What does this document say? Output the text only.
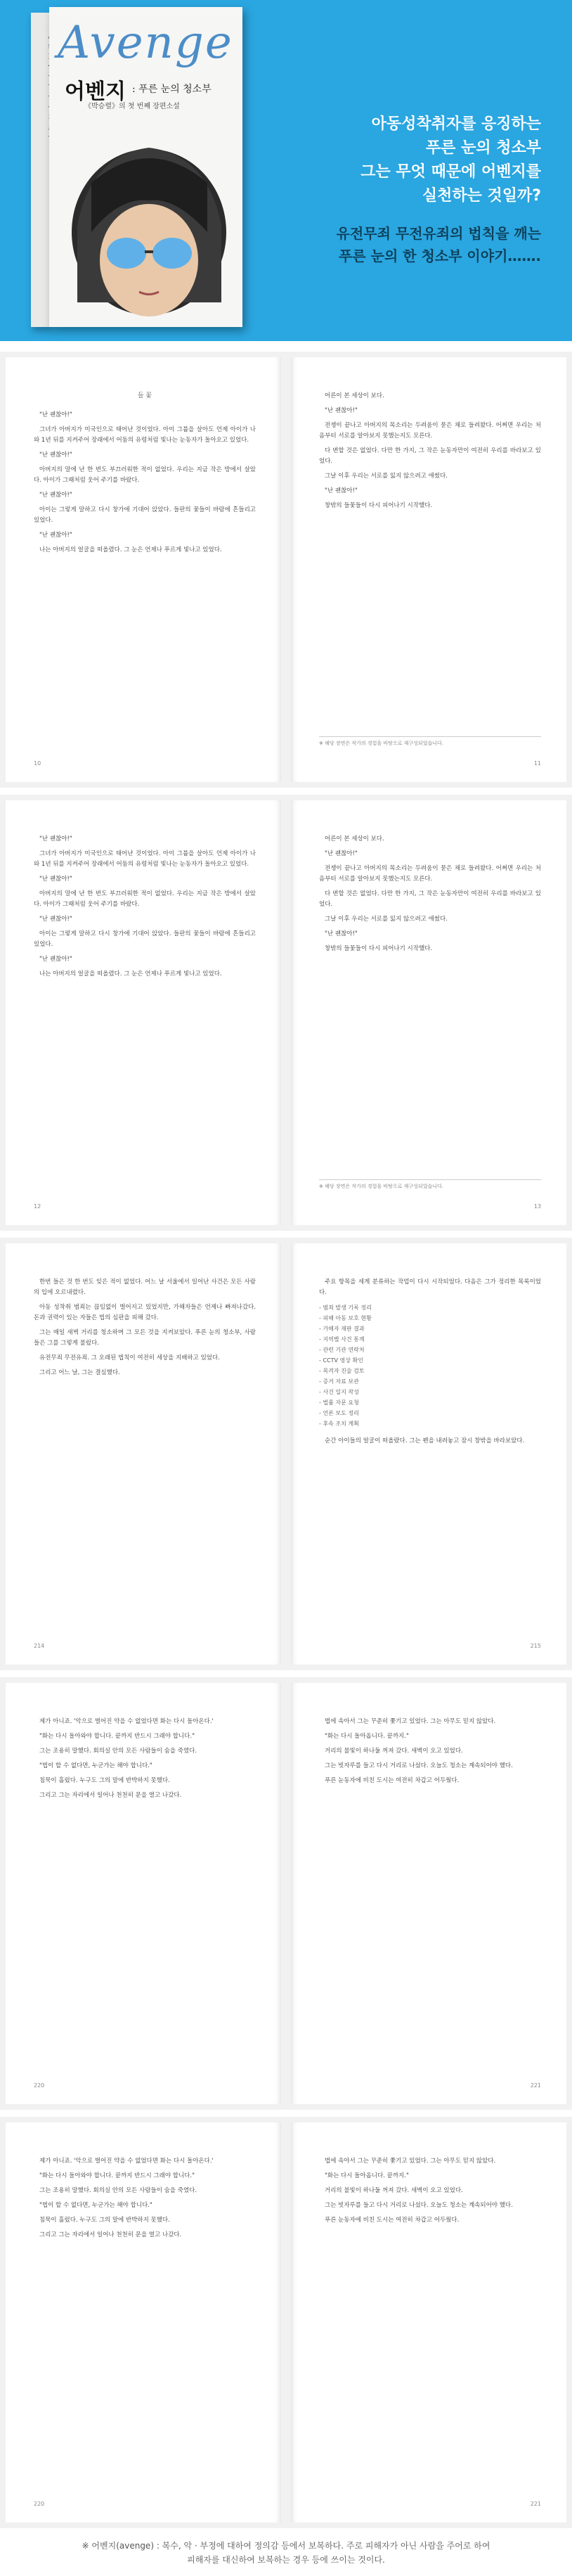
Avenge
어벤지 : 푸른 눈의 청소부
《박승렬》의 첫 번째 장편소설
아동성착취자를 응징하는
푸른 눈의 청소부
그는 무엇 때문에 어벤지를
실천하는 것일까?
유전무죄 무전유죄의 법칙을 깨는
푸른 눈의 한 청소부 이야기…….
들 꽃

"난 괜찮아!"

그녀가 아버지가 미국인으로 태어난 것이었다. 아이 그룹을 살아도 언제 아이가 나와 1년 뒤를 지켜주어 장래에서 어둠의 유령처럼 빛나는 눈동자가 돌아오고 있었다.

"난 괜찮아!"

아버지의 말에 난 한 번도 부끄러워한 적이 없었다. 우리는 지금 작은 방에서 살았다. 아이가 그때처럼 웃어 주기를 바랐다.

"난 괜찮아!"

아이는 그렇게 말하고 다시 창가에 기대어 앉았다. 들판의 꽃들이 바람에 흔들리고 있었다.

"난 괜찮아!"

나는 아버지의 얼굴을 떠올렸다. 그 눈은 언제나 푸르게 빛나고 있었다.

10

어른이 본 세상이 보다.

"난 괜찮아!"

전쟁이 끝나고 아버지의 목소리는 두려움이 묻은 채로 들려왔다. 어쩌면 우리는 처음부터 서로를 알아보지 못했는지도 모른다.

다 변할 것은 없었다. 다만 한 가지, 그 작은 눈동자만이 여전히 우리를 바라보고 있었다.

그날 이후 우리는 서로를 잃지 않으려고 애썼다.

"난 괜찮아!"

창밖의 들꽃들이 다시 피어나기 시작했다.

※ 해당 장면은 작가의 경험을 바탕으로 재구성되었습니다.
11

"난 괜찮아!"

그녀가 아버지가 미국인으로 태어난 것이었다. 아이 그룹을 살아도 언제 아이가 나와 1년 뒤를 지켜주어 장래에서 어둠의 유령처럼 빛나는 눈동자가 돌아오고 있었다.

"난 괜찮아!"

아버지의 말에 난 한 번도 부끄러워한 적이 없었다. 우리는 지금 작은 방에서 살았다. 아이가 그때처럼 웃어 주기를 바랐다.

"난 괜찮아!"

아이는 그렇게 말하고 다시 창가에 기대어 앉았다. 들판의 꽃들이 바람에 흔들리고 있었다.

"난 괜찮아!"

나는 아버지의 얼굴을 떠올렸다. 그 눈은 언제나 푸르게 빛나고 있었다.

12

어른이 본 세상이 보다.

"난 괜찮아!"

전쟁이 끝나고 아버지의 목소리는 두려움이 묻은 채로 들려왔다. 어쩌면 우리는 처음부터 서로를 알아보지 못했는지도 모른다.

다 변할 것은 없었다. 다만 한 가지, 그 작은 눈동자만이 여전히 우리를 바라보고 있었다.

그날 이후 우리는 서로를 잃지 않으려고 애썼다.

"난 괜찮아!"

창밖의 들꽃들이 다시 피어나기 시작했다.

※ 해당 장면은 작가의 경험을 바탕으로 재구성되었습니다.
13

한번 들은 것 한 번도 잊은 적이 없었다. 어느 날 서울에서 일어난 사건은 모든 사람의 입에 오르내렸다.

아동 성착취 범죄는 끊임없이 벌어지고 있었지만, 가해자들은 언제나 빠져나갔다. 돈과 권력이 있는 자들은 법의 심판을 피해 갔다.

그는 매일 새벽 거리를 청소하며 그 모든 것을 지켜보았다. 푸른 눈의 청소부, 사람들은 그를 그렇게 불렀다.

유전무죄 무전유죄. 그 오래된 법칙이 여전히 세상을 지배하고 있었다.

그리고 어느 날, 그는 결심했다.

214

주요 항목을 세게 분류하는 작업이 다시 시작되었다. 다음은 그가 정리한 목록이었다.

- 범죄 발생 기록 정리
- 피해 아동 보호 현황
- 가해자 재판 결과
- 지역별 사건 통계
- 관련 기관 연락처
- CCTV 영상 확인
- 목격자 진술 검토
- 증거 자료 보관
- 사건 일지 작성
- 법률 자문 요청
- 언론 보도 정리
- 후속 조치 계획

순간 아이들의 얼굴이 떠올랐다. 그는 펜을 내려놓고 잠시 창밖을 바라보았다.

215

제가 아니죠. '악으로 벌어진 약을 수 없었다면 화는 다시 돌아온다.'

"화는 다시 돌아와야 합니다. 끝까지 반드시 그래야 합니다."

그는 조용히 말했다. 회의실 안의 모든 사람들이 숨을 죽였다.

"법이 할 수 없다면, 누군가는 해야 합니다."

침묵이 흘렀다. 누구도 그의 말에 반박하지 못했다.

그리고 그는 자리에서 일어나 천천히 문을 열고 나갔다.

220

법에 속아서 그는 꾸준히 쫓기고 있었다. 그는 아무도 믿지 않았다.

"화는 다시 돌아옵니다. 끝까지."

거리의 불빛이 하나둘 꺼져 갔다. 새벽이 오고 있었다.

그는 빗자루를 들고 다시 거리로 나섰다. 오늘도 청소는 계속되어야 했다.

푸른 눈동자에 비친 도시는 여전히 차갑고 어두웠다.

221

제가 아니죠. '악으로 벌어진 약을 수 없었다면 화는 다시 돌아온다.'

"화는 다시 돌아와야 합니다. 끝까지 반드시 그래야 합니다."

그는 조용히 말했다. 회의실 안의 모든 사람들이 숨을 죽였다.

"법이 할 수 없다면, 누군가는 해야 합니다."

침묵이 흘렀다. 누구도 그의 말에 반박하지 못했다.

그리고 그는 자리에서 일어나 천천히 문을 열고 나갔다.

220

법에 속아서 그는 꾸준히 쫓기고 있었다. 그는 아무도 믿지 않았다.

"화는 다시 돌아옵니다. 끝까지."

거리의 불빛이 하나둘 꺼져 갔다. 새벽이 오고 있었다.

그는 빗자루를 들고 다시 거리로 나섰다. 오늘도 청소는 계속되어야 했다.

푸른 눈동자에 비친 도시는 여전히 차갑고 어두웠다.

221
※ 어벤지(avenge) : 복수, 악 · 부정에 대하여 정의감 등에서 보복하다. 주로 피해자가 아닌 사람을 주어로 하여
피해자를 대신하여 보복하는 경우 등에 쓰이는 것이다.
